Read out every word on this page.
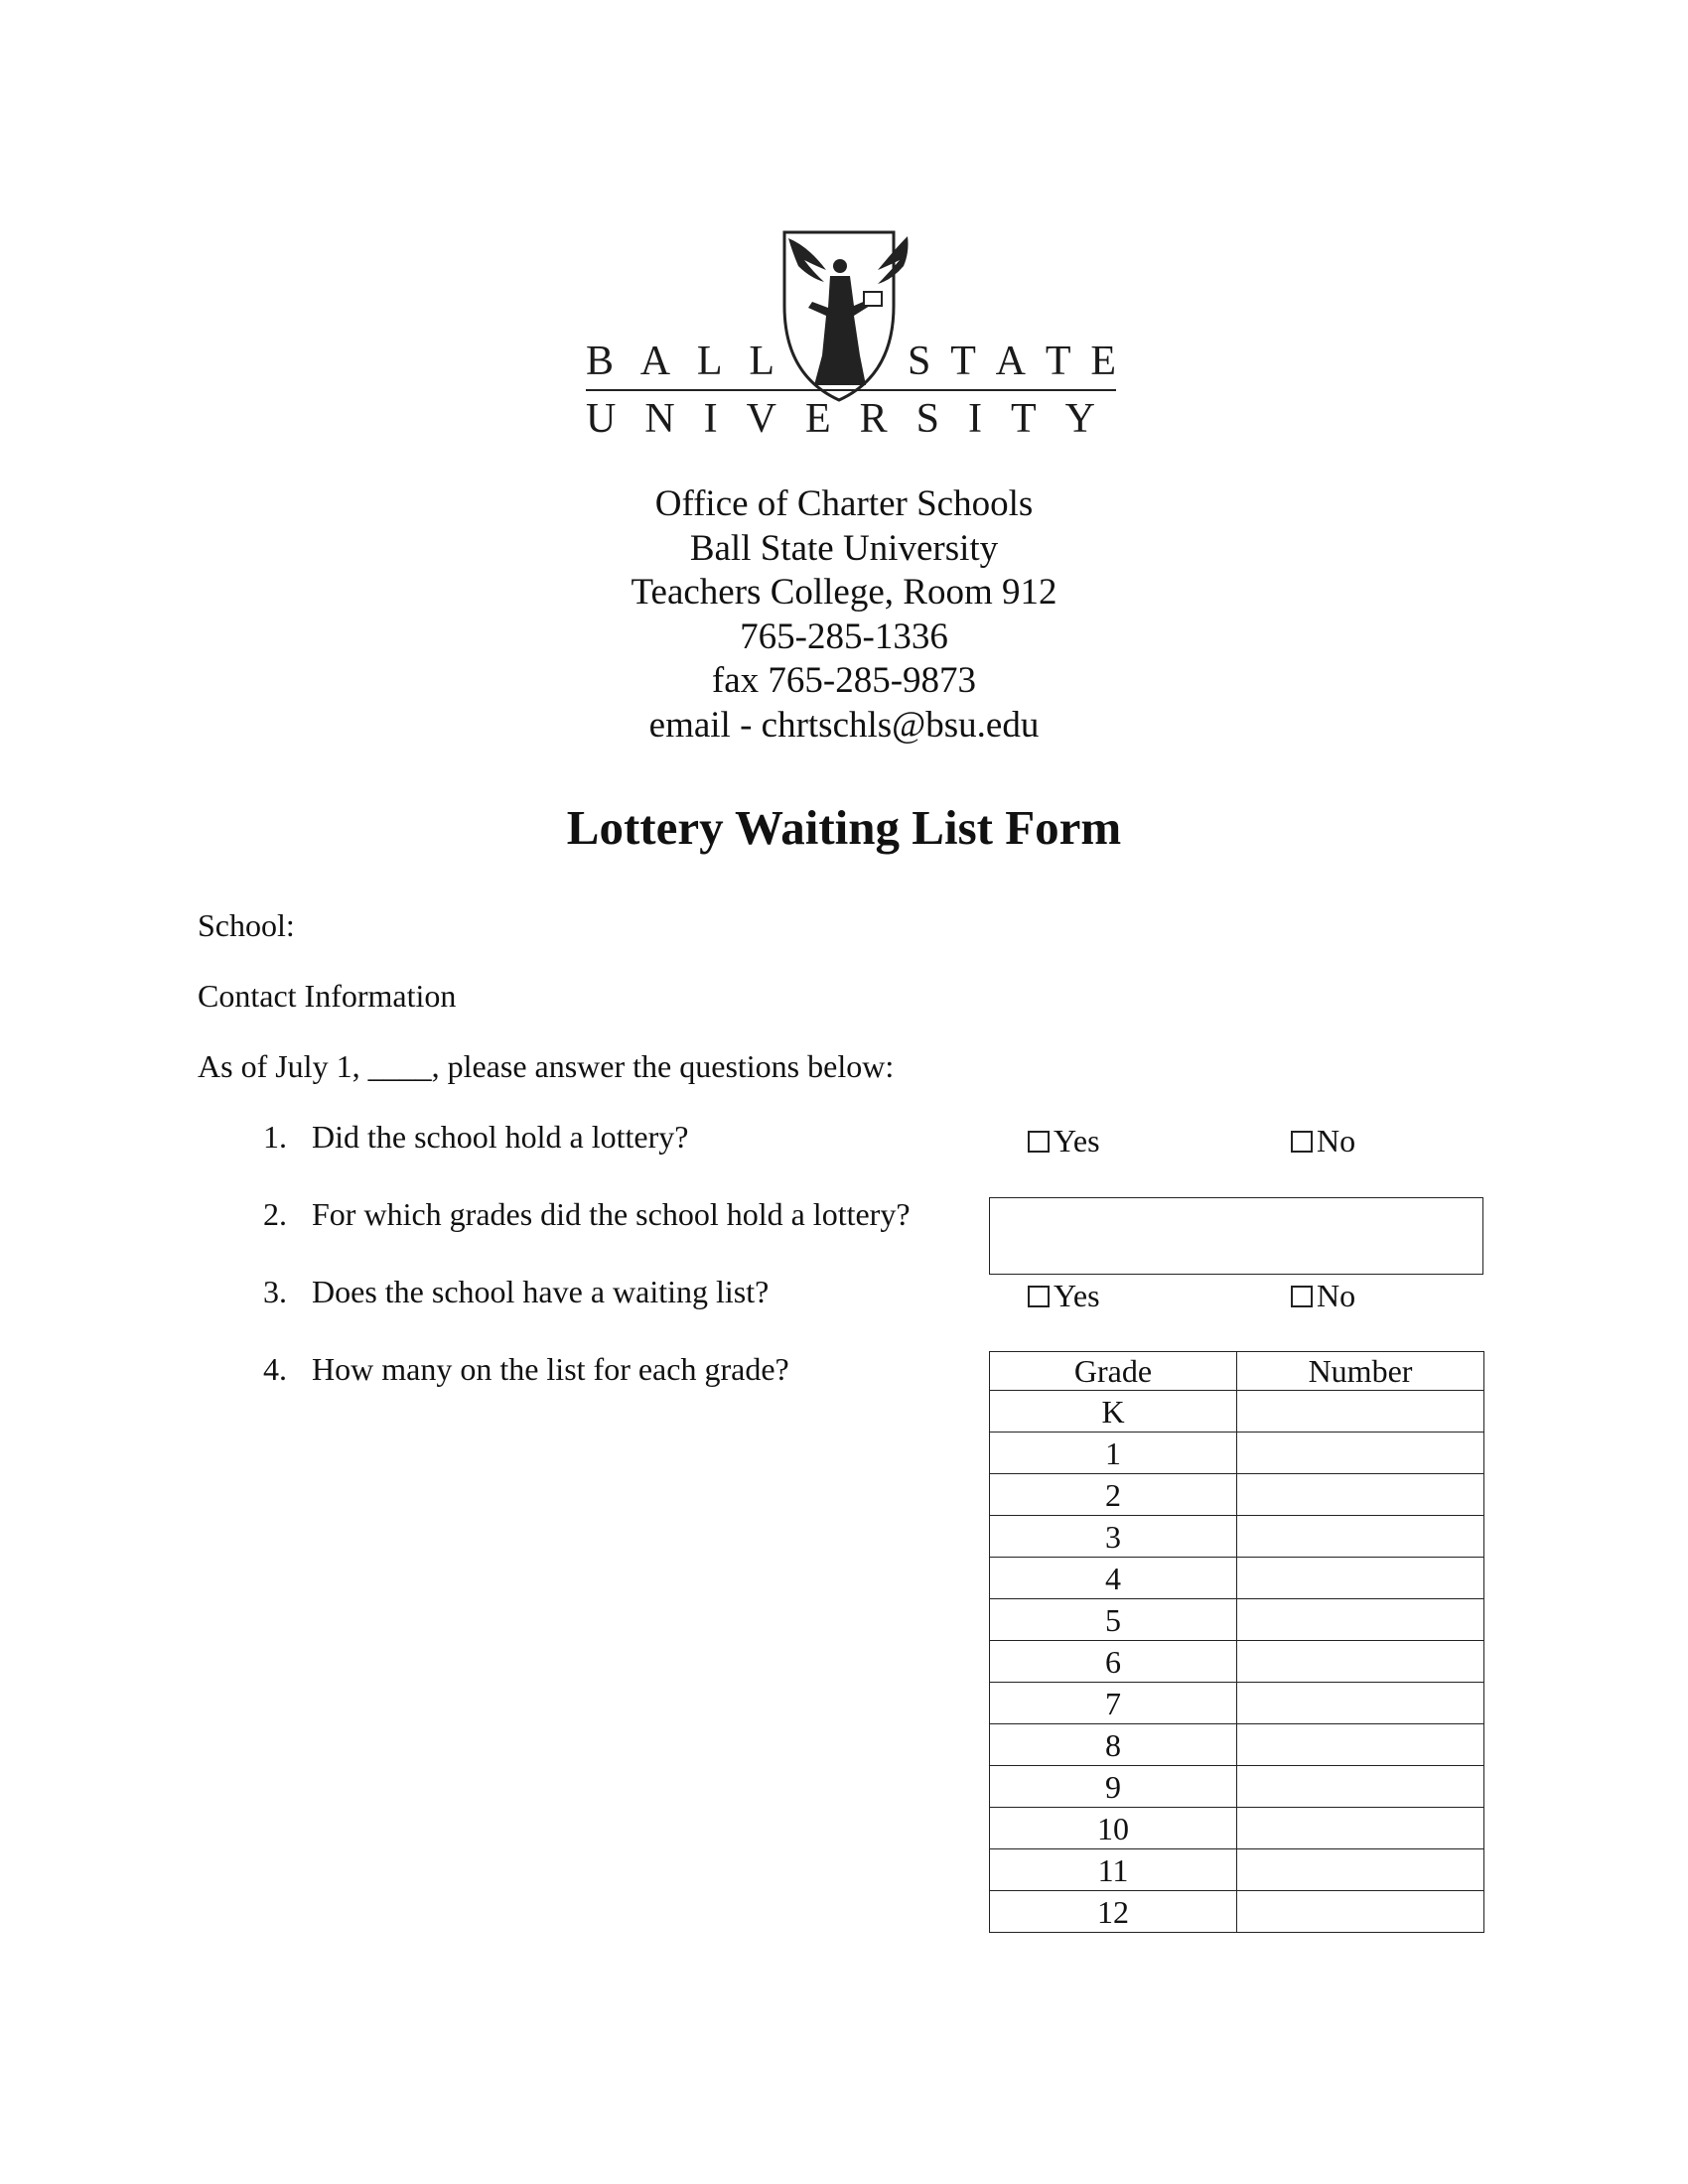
B A L L	S T A T E
UNIVERSITY
Office of Charter Schools
Ball State University
Teachers College, Room 912
765-285-1336
fax 765-285-9873
email - chrtschls@bsu.edu
Lottery Waiting List Form
School:
Contact Information
As of July 1, ____, please answer the questions below:
1. Did the school hold a lottery?
2. For which grades did the school hold a lottery?
3. Does the school have a waiting list?
4. How many on the list for each grade?
Yes	No
Yes	No
Grade	Number
K	
1	
2	
3	
4	
5	
6	
7	
8	
9	
10	
11	
12	
